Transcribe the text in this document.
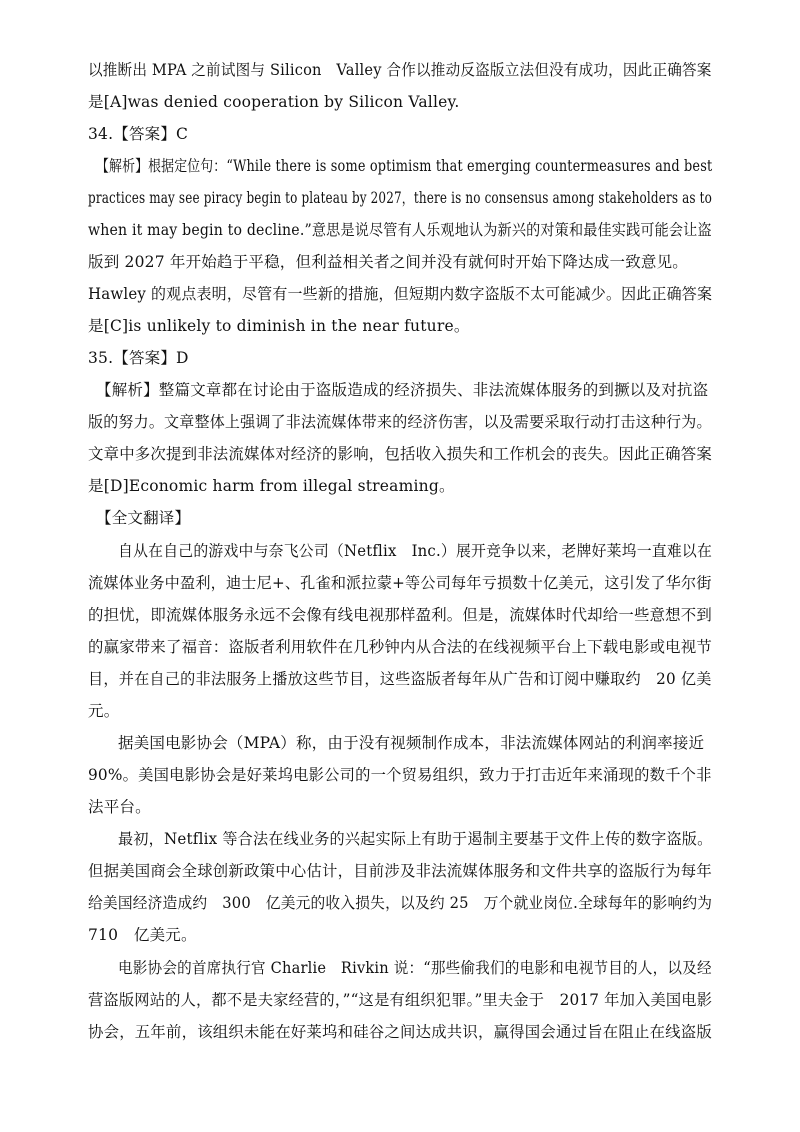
以推断出 MPA 之前试图与 Silicon　Valley 合作以推动反盗版立法但没有成功，因此正确答案
是[A]was denied cooperation by Silicon Valley.
34.【答案】C
【解析】根据定位句：“While there is some optimism that emerging countermeasures and best
practices may see piracy begin to plateau by 2027，there is no consensus among stakeholders as to
when it may begin to decline.”意思是说尽管有人乐观地认为新兴的对策和最佳实践可能会让盗
版到 2027 年开始趋于平稳，但利益相关者之间并没有就何时开始下降达成一致意见。
Hawley 的观点表明，尽管有一些新的措施，但短期内数字盗版不太可能减少。因此正确答案
是[C]is unlikely to diminish in the near future。
35.【答案】D
【解析】整篇文章都在讨论由于盗版造成的经济损失、非法流媒体服务的到撅以及对抗盗
版的努力。文章整体上强调了非法流媒体带来的经济伤害，以及需要采取行动打击这种行为。
文章中多次提到非法流媒体对经济的影响，包括收入损失和工作机会的丧失。因此正确答案
是[D]Economic harm from illegal streaming。
【全文翻译】
自从在自己的游戏中与奈飞公司（Netflix　Inc.）展开竞争以来，老牌好莱坞一直难以在
流媒体业务中盈利，迪士尼+、孔雀和派拉蒙+等公司每年亏损数十亿美元，这引发了华尔街
的担忧，即流媒体服务永远不会像有线电视那样盈利。但是，流媒体时代却给一些意想不到
的赢家带来了福音：盗版者利用软件在几秒钟内从合法的在线视频平台上下载电影或电视节
目，并在自己的非法服务上播放这些节目，这些盗版者每年从广告和订阅中赚取约　20 亿美
元。
据美国电影协会（MPA）称，由于没有视频制作成本，非法流媒体网站的利润率接近
90%。美国电影协会是好莱坞电影公司的一个贸易组织，致力于打击近年来涌现的数千个非
法平台。
最初，Netflix 等合法在线业务的兴起实际上有助于遏制主要基于文件上传的数字盗版。
但据美国商会全球创新政策中心估计，目前涉及非法流媒体服务和文件共享的盗版行为每年
给美国经济造成约　300　亿美元的收入损失，以及约 25　万个就业岗位.全球每年的影响约为
710　亿美元。
电影协会的首席执行官 Charlie　Rivkin 说：“那些偷我们的电影和电视节目的人，以及经
营盗版网站的人，都不是夫家经营的，”“这是有组织犯罪。”里夫金于　2017 年加入美国电影
协会，五年前，该组织未能在好莱坞和硅谷之间达成共识，赢得国会通过旨在阻止在线盗版
